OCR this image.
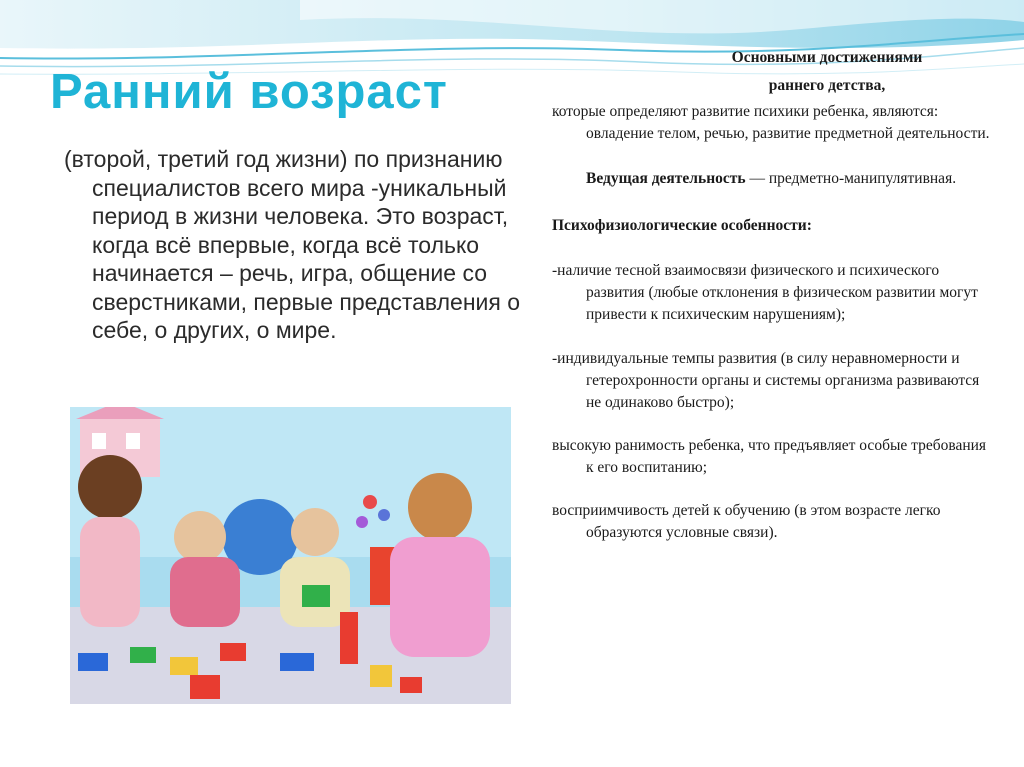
Ранний возраст

(второй, третий год жизни) по признанию специалистов всего мира -уникальный период в жизни человека. Это возраст, когда всё впервые, когда всё только начинается – речь, игра, общение со сверстниками, первые представления о себе, о других, о мире.

Основными достижениями
раннего детства,

которые определяют развитие психики ребенка, являются: овладение телом, речью, развитие предметной деятельности.

Ведущая деятельность — предметно-манипулятивная.

Психофизиологические особенности:

-наличие тесной взаимосвязи физического и психического развития (любые отклонения в физическом развитии могут привести к психическим нарушениям);

-индивидуальные темпы развития (в силу неравномерности и гетерохронности органы и системы организма развиваются не одинаково быстро);

высокую ранимость ребенка, что предъявляет особые требования к его воспитанию;

восприимчивость детей к обучению (в этом возрасте легко образуются условные связи).
